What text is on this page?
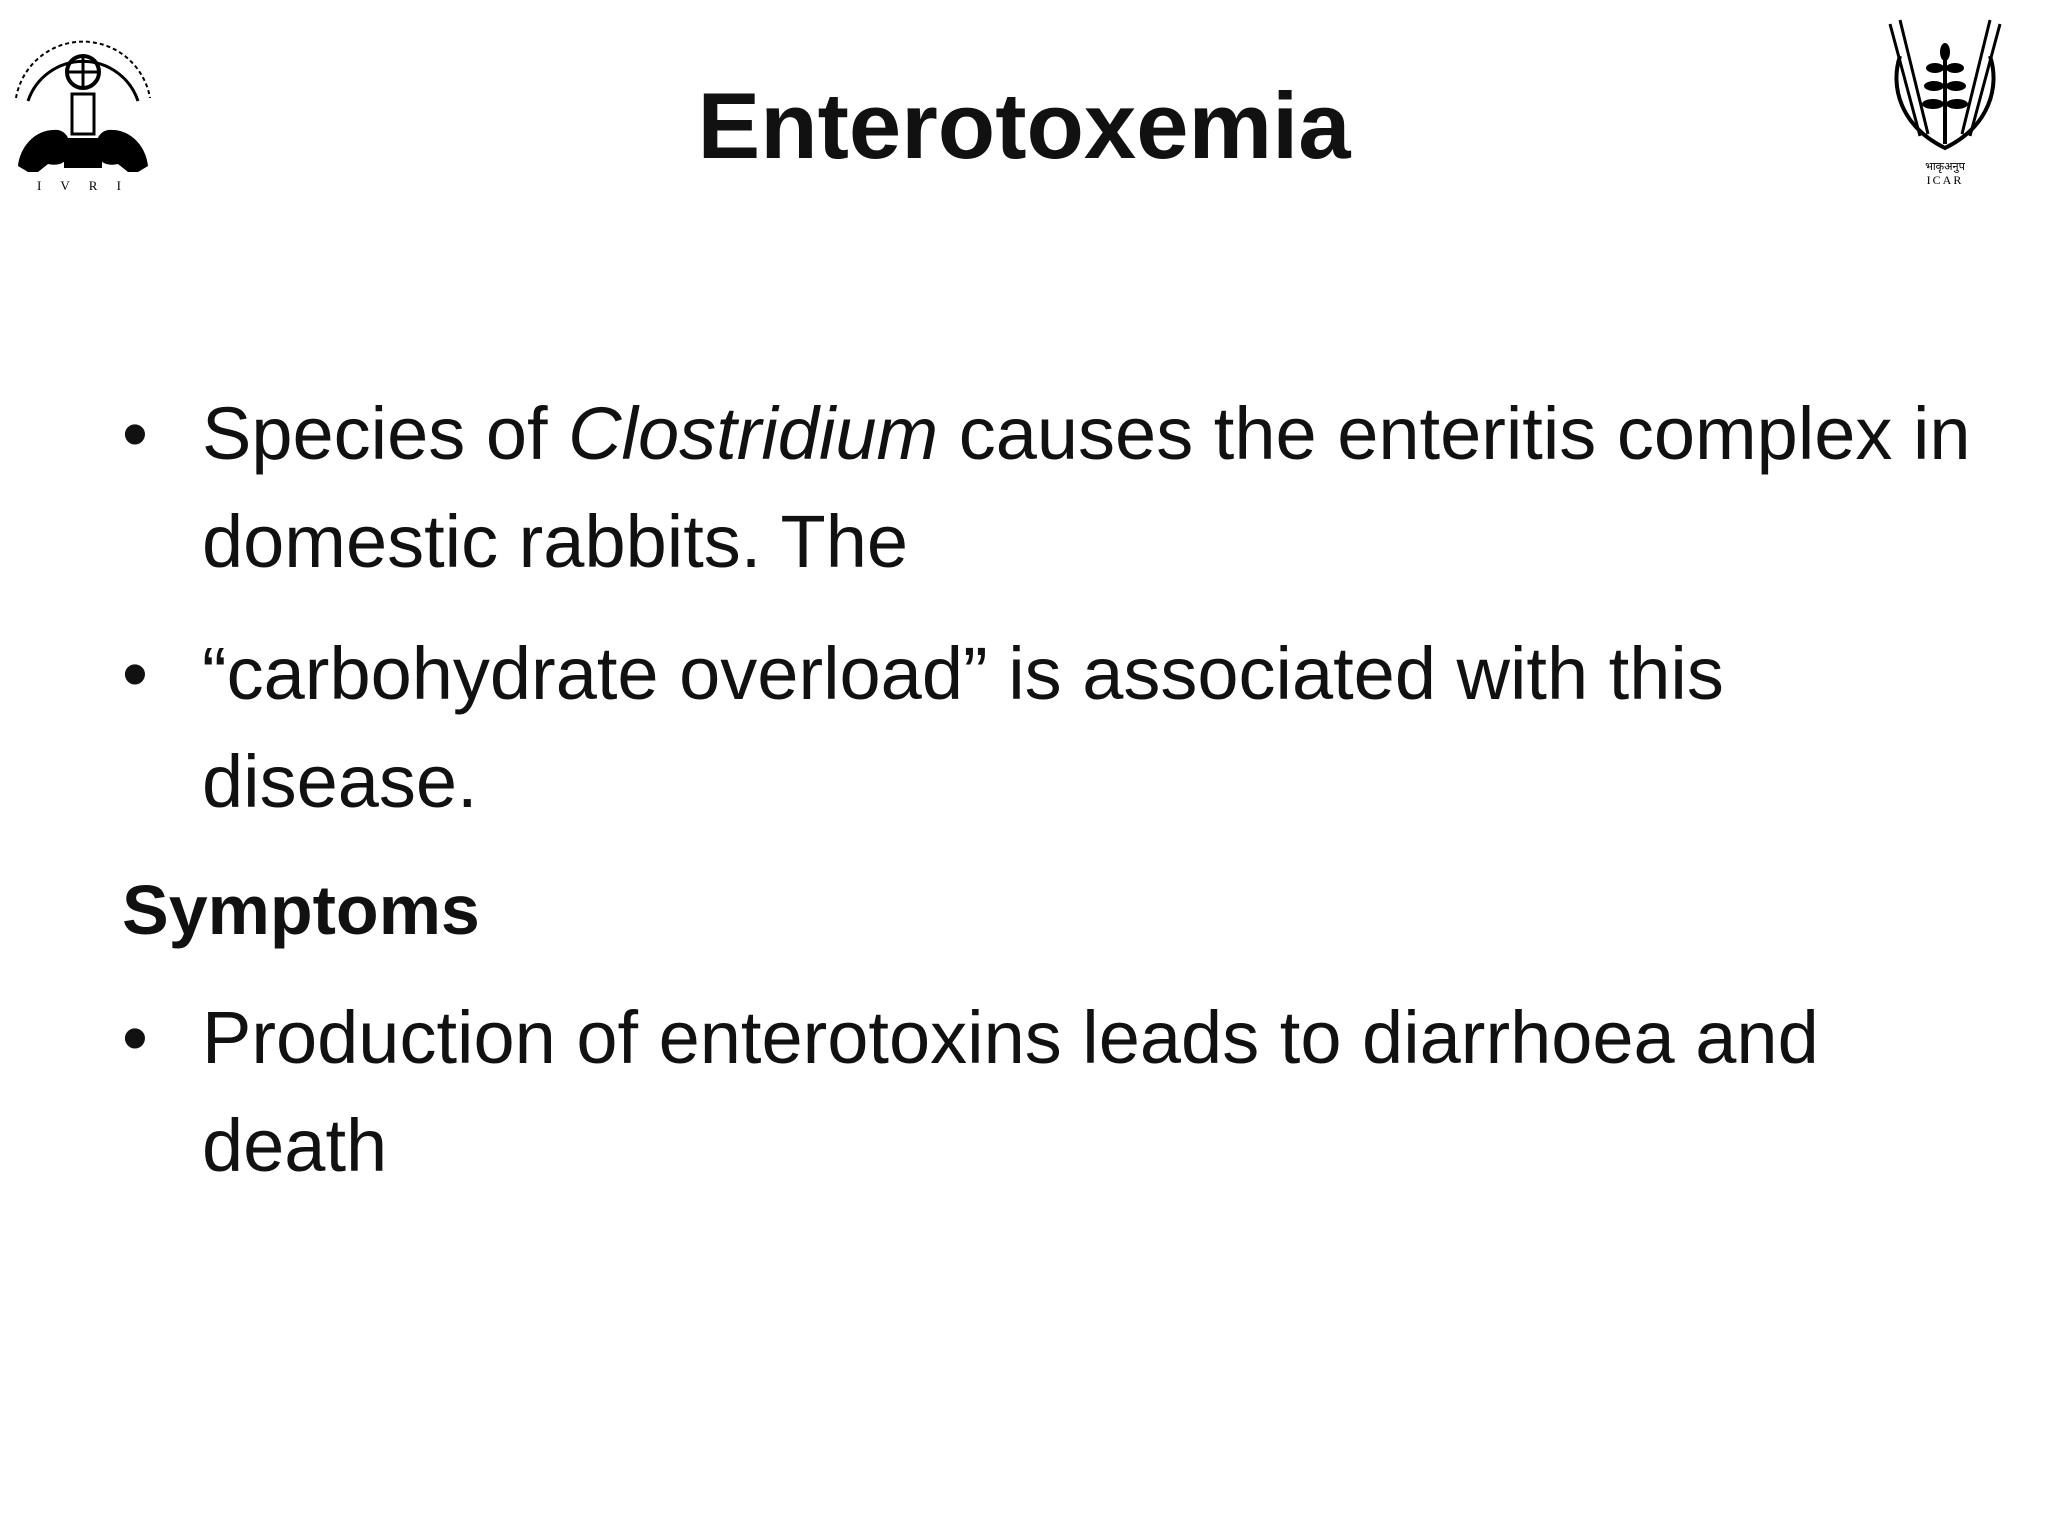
I V R I
भाकृअनुप
ICAR
Enterotoxemia
• Species of Clostridium causes the enteritis complex in domestic rabbits. The
• “carbohydrate overload” is associated with this disease.
Symptoms
• Production of enterotoxins leads to diarrhoea and death
